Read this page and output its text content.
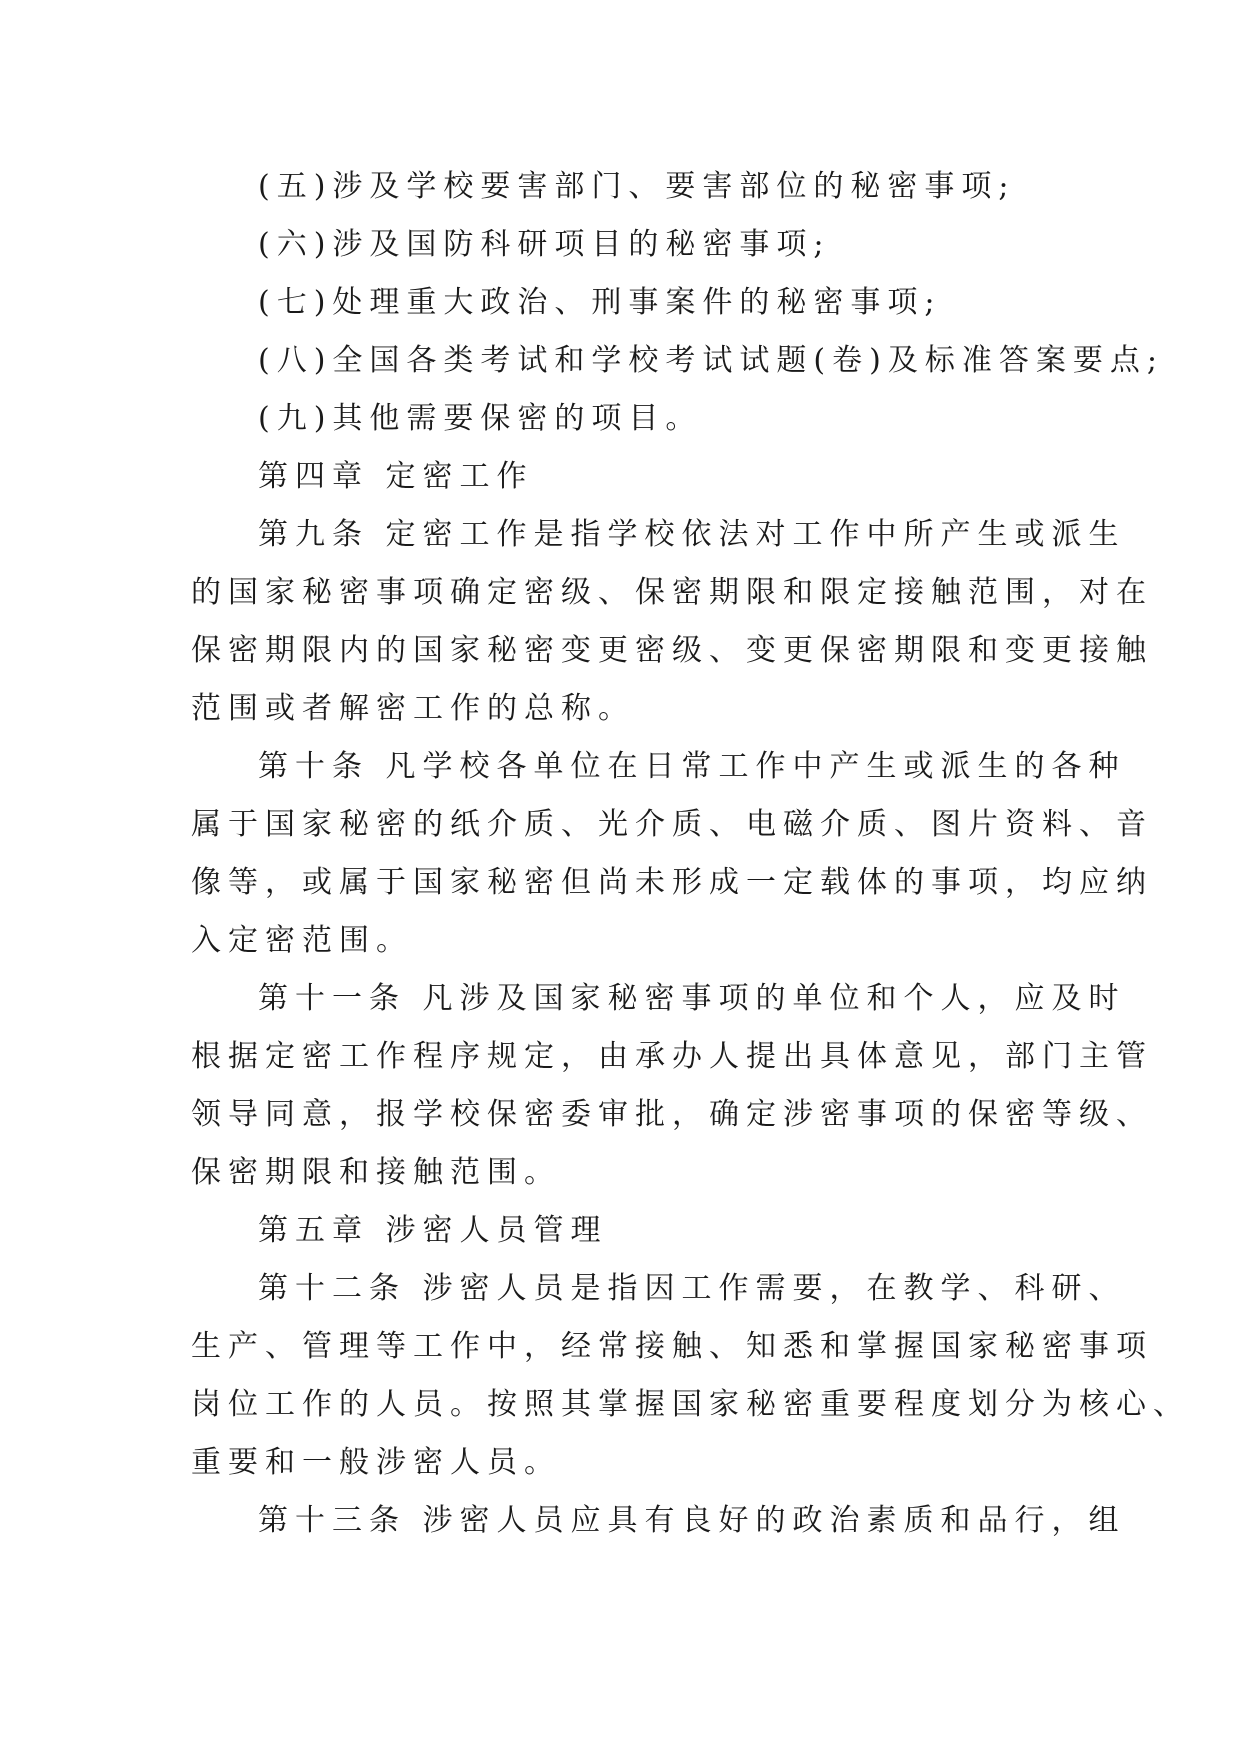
(五)涉及学校要害部门、要害部位的秘密事项;
(六)涉及国防科研项目的秘密事项;
(七)处理重大政治、刑事案件的秘密事项;
(八)全国各类考试和学校考试试题(卷)及标准答案要点;
(九)其他需要保密的项目。
第四章 定密工作
第九条 定密工作是指学校依法对工作中所产生或派生
的国家秘密事项确定密级、保密期限和限定接触范围，对在
保密期限内的国家秘密变更密级、变更保密期限和变更接触
范围或者解密工作的总称。
第十条 凡学校各单位在日常工作中产生或派生的各种
属于国家秘密的纸介质、光介质、电磁介质、图片资料、音
像等，或属于国家秘密但尚未形成一定载体的事项，均应纳
入定密范围。
第十一条 凡涉及国家秘密事项的单位和个人，应及时
根据定密工作程序规定，由承办人提出具体意见，部门主管
领导同意，报学校保密委审批，确定涉密事项的保密等级、
保密期限和接触范围。
第五章 涉密人员管理
第十二条 涉密人员是指因工作需要，在教学、科研、
生产、管理等工作中，经常接触、知悉和掌握国家秘密事项
岗位工作的人员。按照其掌握国家秘密重要程度划分为核心、
重要和一般涉密人员。
第十三条 涉密人员应具有良好的政治素质和品行，组
